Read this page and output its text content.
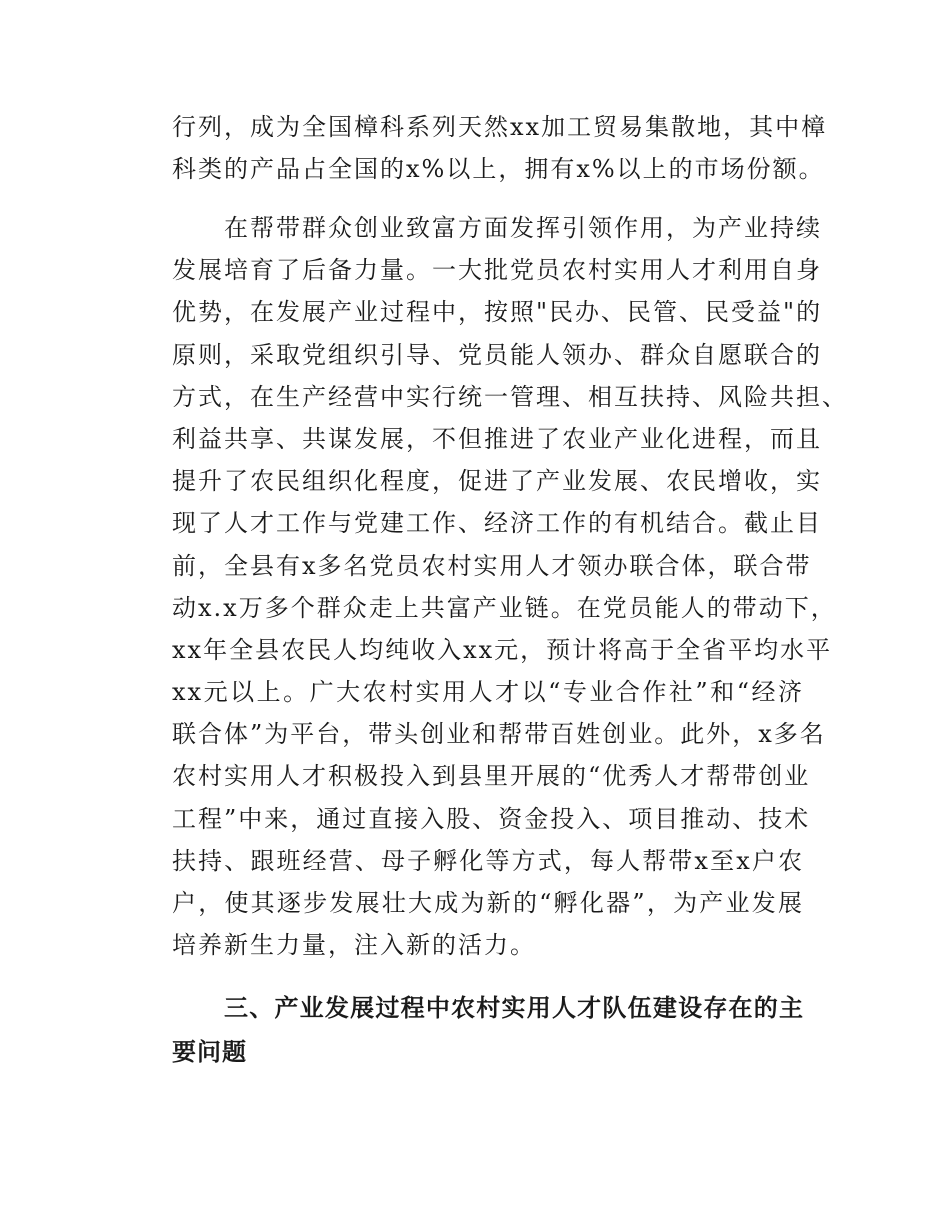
行列，成为全国樟科系列天然xx加工贸易集散地，其中樟
科类的产品占全国的x%以上，拥有x%以上的市场份额。
在帮带群众创业致富方面发挥引领作用，为产业持续
发展培育了后备力量。一大批党员农村实用人才利用自身
优势，在发展产业过程中，按照"民办、民管、民受益"的
原则，采取党组织引导、党员能人领办、群众自愿联合的
方式，在生产经营中实行统一管理、相互扶持、风险共担、
利益共享、共谋发展，不但推进了农业产业化进程，而且
提升了农民组织化程度，促进了产业发展、农民增收，实
现了人才工作与党建工作、经济工作的有机结合。截止目
前，全县有x多名党员农村实用人才领办联合体，联合带
动x.x万多个群众走上共富产业链。在党员能人的带动下，
xx年全县农民人均纯收入xx元，预计将高于全省平均水平
xx元以上。广大农村实用人才以“专业合作社”和“经济
联合体”为平台，带头创业和帮带百姓创业。此外，x多名
农村实用人才积极投入到县里开展的“优秀人才帮带创业
工程”中来，通过直接入股、资金投入、项目推动、技术
扶持、跟班经营、母子孵化等方式，每人帮带x至x户农
户，使其逐步发展壮大成为新的“孵化器”，为产业发展
培养新生力量，注入新的活力。
三、产业发展过程中农村实用人才队伍建设存在的主
要问题
